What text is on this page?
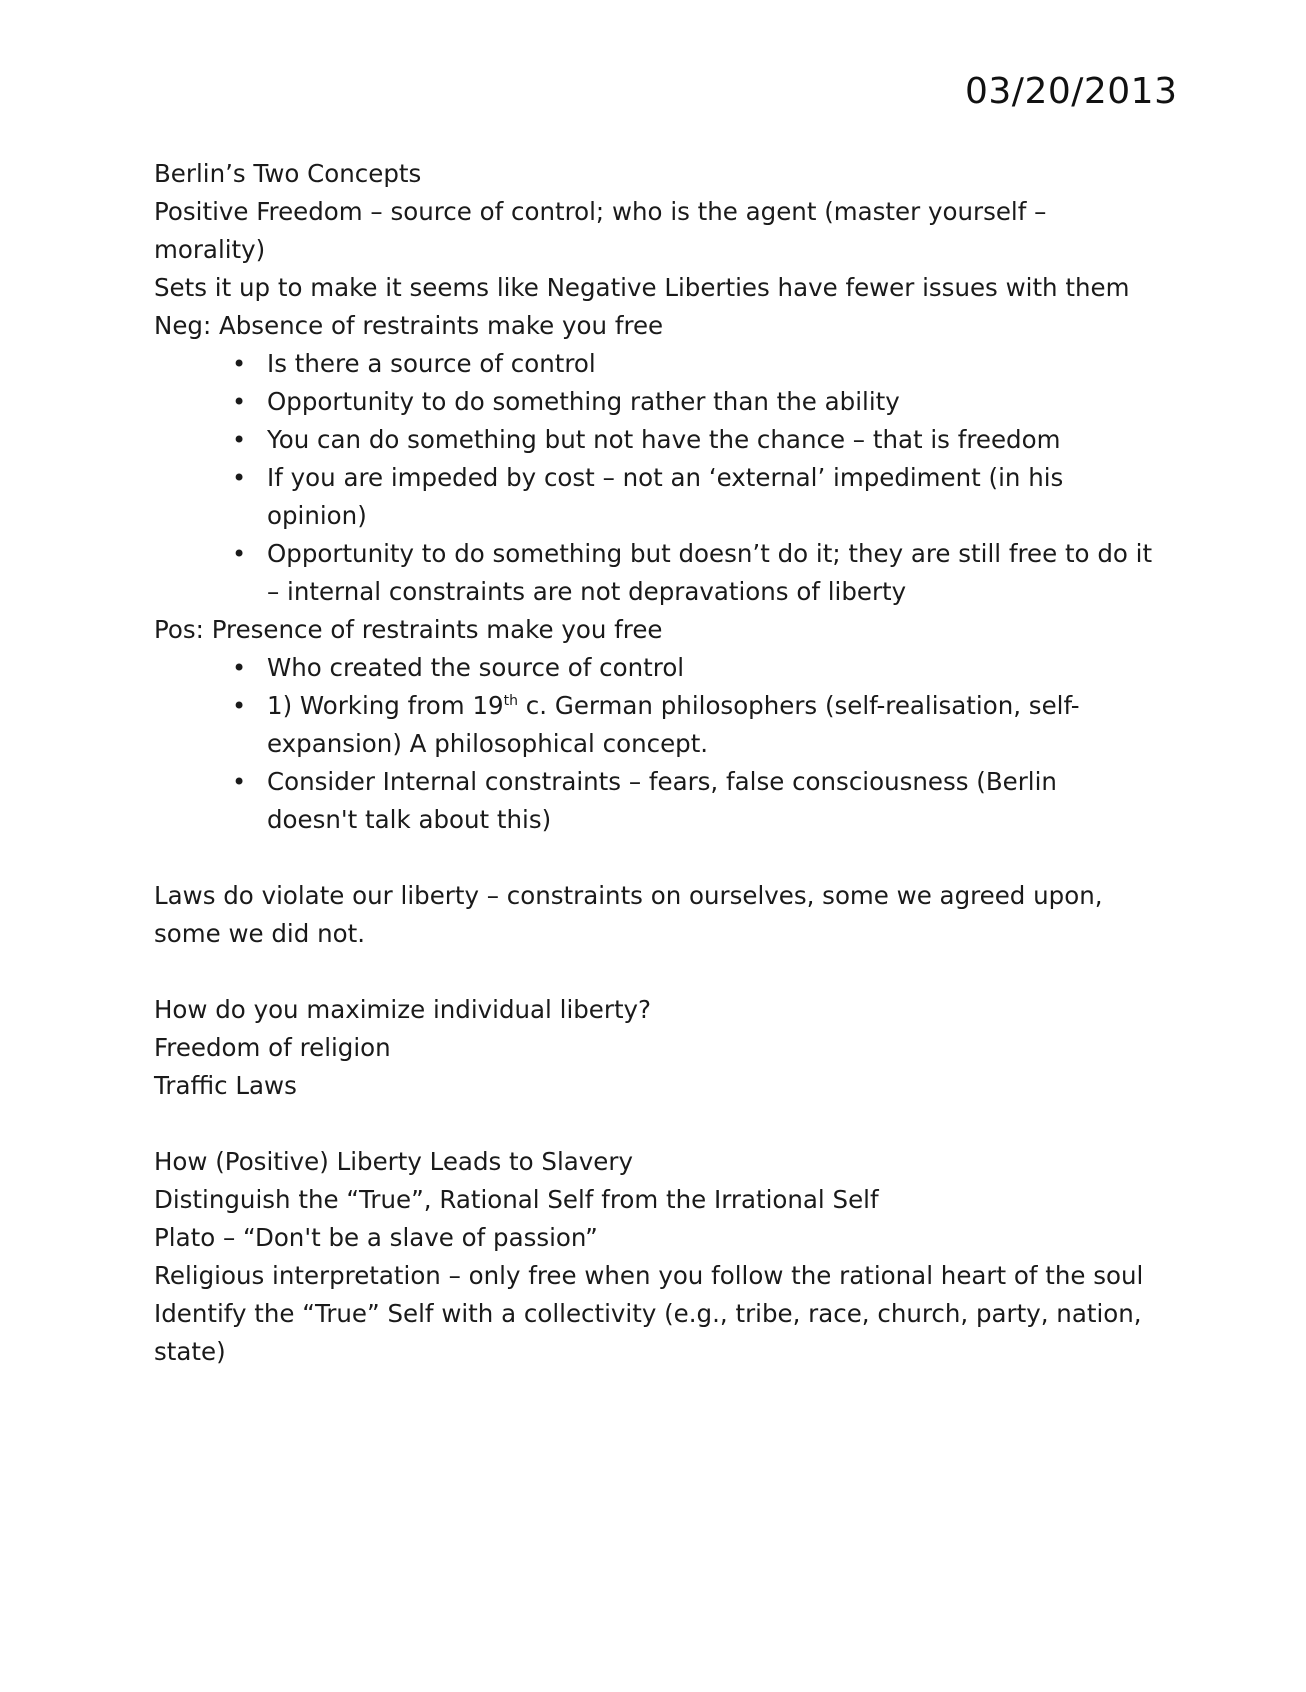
03/20/2013

Berlin’s Two Concepts

Positive Freedom – source of control; who is the agent (master yourself – morality)

Sets it up to make it seems like Negative Liberties have fewer issues with them

Neg: Absence of restraints make you free

• Is there a source of control
• Opportunity to do something rather than the ability
• You can do something but not have the chance – that is freedom
• If you are impeded by cost – not an ‘external’ impediment (in his opinion)
• Opportunity to do something but doesn’t do it; they are still free to do it – internal constraints are not depravations of liberty

Pos: Presence of restraints make you free

• Who created the source of control
• 1) Working from 19th c. German philosophers (self-realisation, self-expansion) A philosophical concept.
• Consider Internal constraints – fears, false consciousness (Berlin doesn't talk about this)

Laws do violate our liberty – constraints on ourselves, some we agreed upon, some we did not.

How do you maximize individual liberty?

Freedom of religion

Traffic Laws

How (Positive) Liberty Leads to Slavery

Distinguish the “True”, Rational Self from the Irrational Self

Plato – “Don't be a slave of passion”

Religious interpretation – only free when you follow the rational heart of the soul

Identify the “True” Self with a collectivity (e.g., tribe, race, church, party, nation, state)
